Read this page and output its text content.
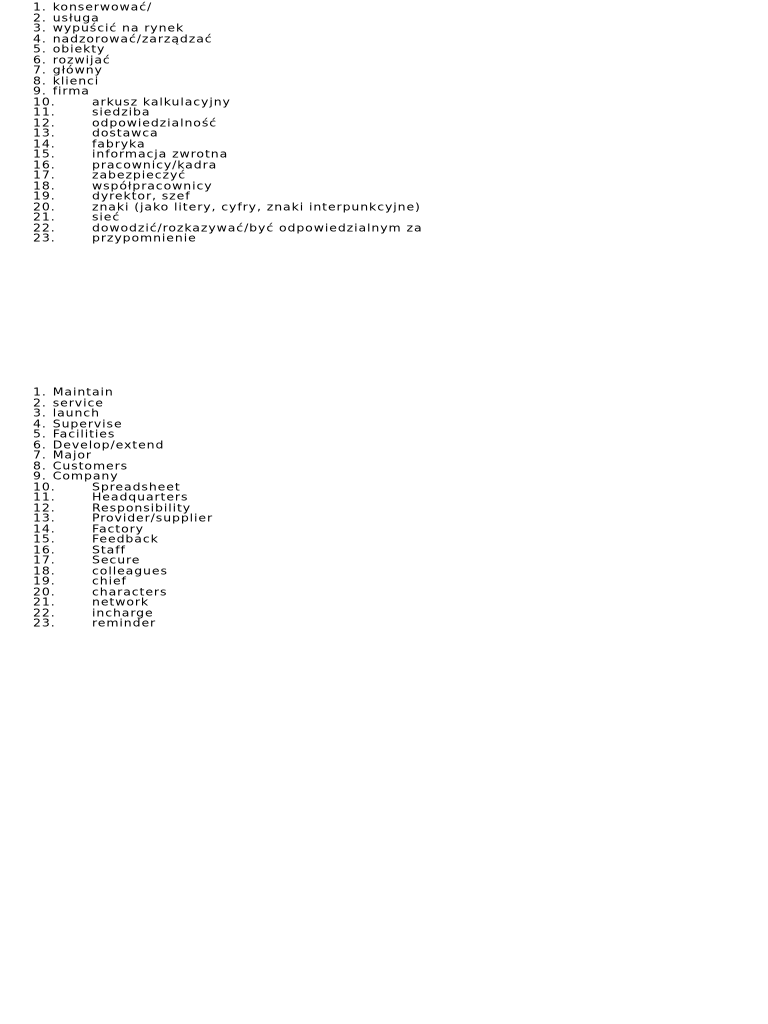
1. konserwować/
2. usługa
3. wypuścić na rynek
4. nadzorować/zarządzać
5. obiekty
6. rozwijać
7. główny
8. klienci
9. firma
10.	arkusz kalkulacyjny
11.	siedziba
12.	odpowiedzialność
13.	dostawca
14.	fabryka
15.	informacja zwrotna
16.	pracownicy/kadra
17.	zabezpieczyć
18.	współpracownicy
19.	dyrektor, szef
20.	znaki (jako litery, cyfry, znaki interpunkcyjne)
21.	sieć
22.	dowodzić/rozkazywać/być odpowiedzialnym za
23.	przypomnienie
1. Maintain
2. service
3. launch
4. Supervise
5. Facilities
6. Develop/extend
7. Major
8. Customers
9. Company
10.	Spreadsheet
11.	Headquarters
12.	Responsibility
13.	Provider/supplier
14.	Factory
15.	Feedback
16.	Staff
17.	Secure
18.	colleagues
19.	chief
20.	characters
21.	network
22.	incharge
23.	reminder
